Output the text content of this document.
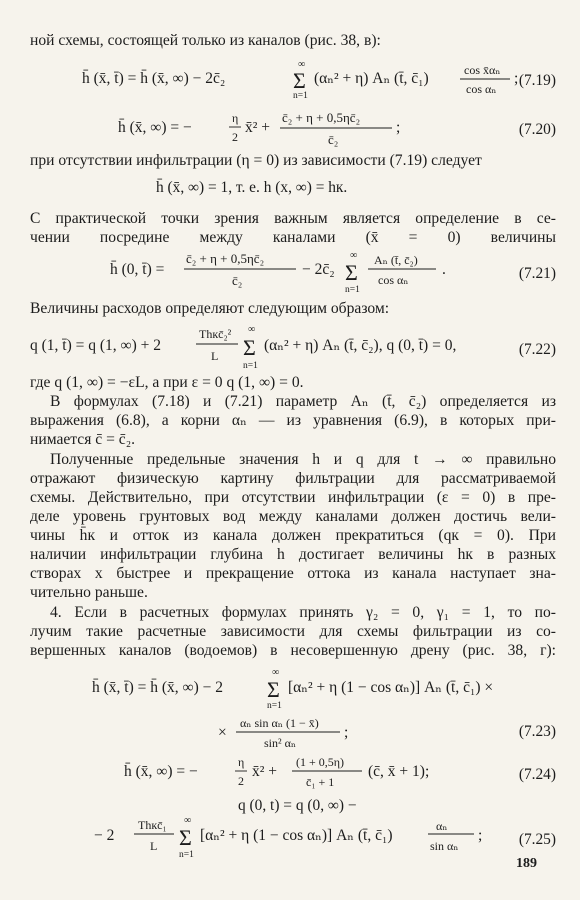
ной схемы, состоящей только из каналов (рис. 38, в):
h̄ (x̄, t̄) = h̄ (x̄, ∞) − 2c̄₂
∞
Σ
n=1
(αₙ² + η) Aₙ (t̄, c̄₁)	cos x̄αₙ
cos αₙ
; (7.19)
h̄ (x̄, ∞) = −
η
2
x̄² +
c̄₂ + η + 0,5ηc̄₂
c̄₂
;	(7.20)
при отсутствии инфильтрации (η = 0) из зависимости (7.19) следует
h̄ (x̄, ∞) = 1, т. е. h (x, ∞) = hк.
С практической точки зрения важным является определение в се-
чении посредине между каналами (x̄ = 0) величины
h̄ (0, t̄) =
c̄₂ + η + 0,5ηc̄₂
c̄₂
− 2c̄₂
∞
Σ
n=1
Aₙ (t̄, c̄₂)
cos αₙ
.	(7.21)
Величины расходов определяют следующим образом:
q (1, t̄) = q (1, ∞) + 2
Thкc̄₂²
L
∞
Σ
n=1
(αₙ² + η) Aₙ (t̄, c̄₂), q (0, t̄) = 0,	(7.22)
где q (1, ∞) = −εL, а при ε = 0 q (1, ∞) = 0.
В формулах (7.18) и (7.21) параметр Aₙ (t̄, c̄₂) определяется из
выражения (6.8), а корни αₙ — из уравнения (6.9), в которых при-
нимается c̄ = c̄₂.
Полученные предельные значения h и q для t → ∞ правильно
отражают физическую картину фильтрации для рассматриваемой
схемы. Действительно, при отсутствии инфильтрации (ε = 0) в пре-
деле уровень грунтовых вод между каналами должен достичь вели-
чины h̄к и отток из канала должен прекратиться (qк = 0). При
наличии инфильтрации глубина h достигает величины hк в разных
створах x быстрее и прекращение оттока из канала наступает зна-
чительно раньше.
4. Если в расчетных формулах принять γ₂ = 0, γ₁ = 1, то по-
лучим такие расчетные зависимости для схемы фильтрации из со-
вершенных каналов (водоемов) в несовершенную дрену (рис. 38, г):
h̄ (x̄, t̄) = h̄ (x̄, ∞) − 2
∞
Σ
n=1
[αₙ² + η (1 − cos αₙ)] Aₙ (t̄, c̄₁) ×
×
αₙ sin αₙ (1 − x̄)
sin² αₙ
;	(7.23)
h̄ (x̄, ∞) = −
η
2
x̄² +
(1 + 0,5η)
c̄₁ + 1
(c̄, x̄ + 1);	(7.24)
q (0, t) = q (0, ∞) −
− 2
Thкc̄₁
L
∞
Σ
n=1
[αₙ² + η (1 − cos αₙ)] Aₙ (t̄, c̄₁)
αₙ
sin αₙ
; (7.25)
189
